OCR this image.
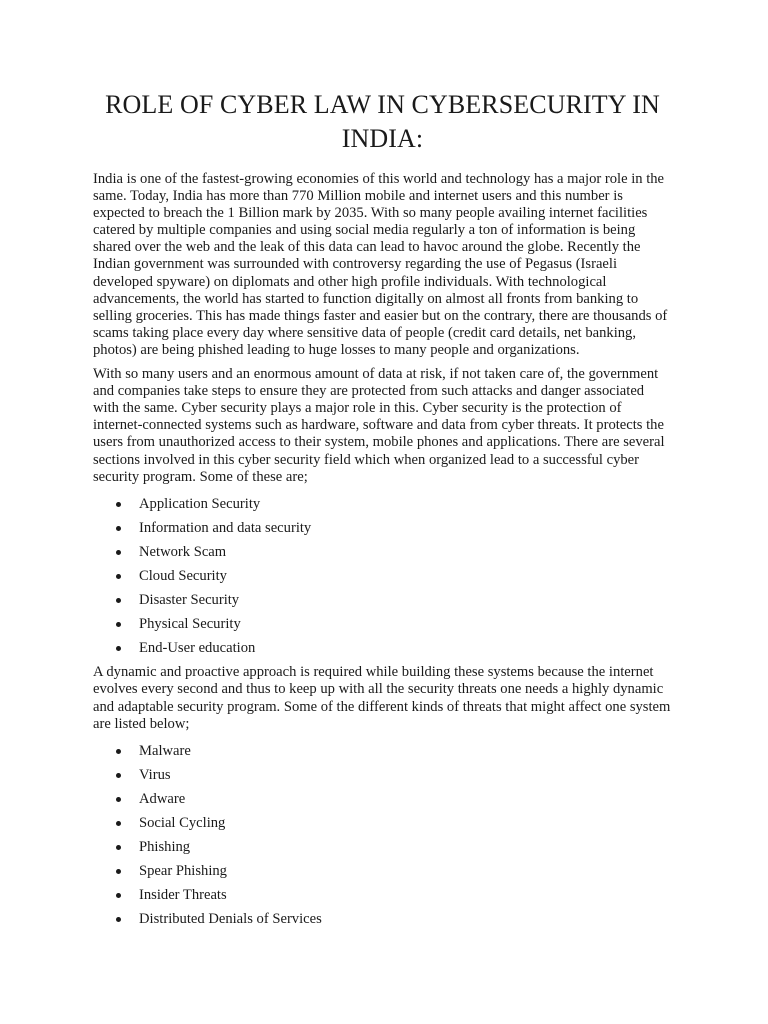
ROLE OF CYBER LAW IN CYBERSECURITY IN
INDIA:

India is one of the fastest-growing economies of this world and technology has a major role in the same. Today, India has more than 770 Million mobile and internet users and this number is expected to breach the 1 Billion mark by 2035. With so many people availing internet facilities catered by multiple companies and using social media regularly a ton of information is being shared over the web and the leak of this data can lead to havoc around the globe. Recently the Indian government was surrounded with controversy regarding the use of Pegasus (Israeli developed spyware) on diplomats and other high profile individuals. With technological advancements, the world has started to function digitally on almost all fronts from banking to selling groceries. This has made things faster and easier but on the contrary, there are thousands of scams taking place every day where sensitive data of people (credit card details, net banking, photos) are being phished leading to huge losses to many people and organizations.

With so many users and an enormous amount of data at risk, if not taken care of, the government and companies take steps to ensure they are protected from such attacks and danger associated with the same. Cyber security plays a major role in this. Cyber security is the protection of internet-connected systems such as hardware, software and data from cyber threats. It protects the users from unauthorized access to their system, mobile phones and applications. There are several sections involved in this cyber security field which when organized lead to a successful cyber security program. Some of these are;

Application Security
Information and data security
Network Scam
Cloud Security
Disaster Security
Physical Security
End-User education

A dynamic and proactive approach is required while building these systems because the internet evolves every second and thus to keep up with all the security threats one needs a highly dynamic and adaptable security program. Some of the different kinds of threats that might affect one system are listed below;

Malware
Virus
Adware
Social Cycling
Phishing
Spear Phishing
Insider Threats
Distributed Denials of Services
